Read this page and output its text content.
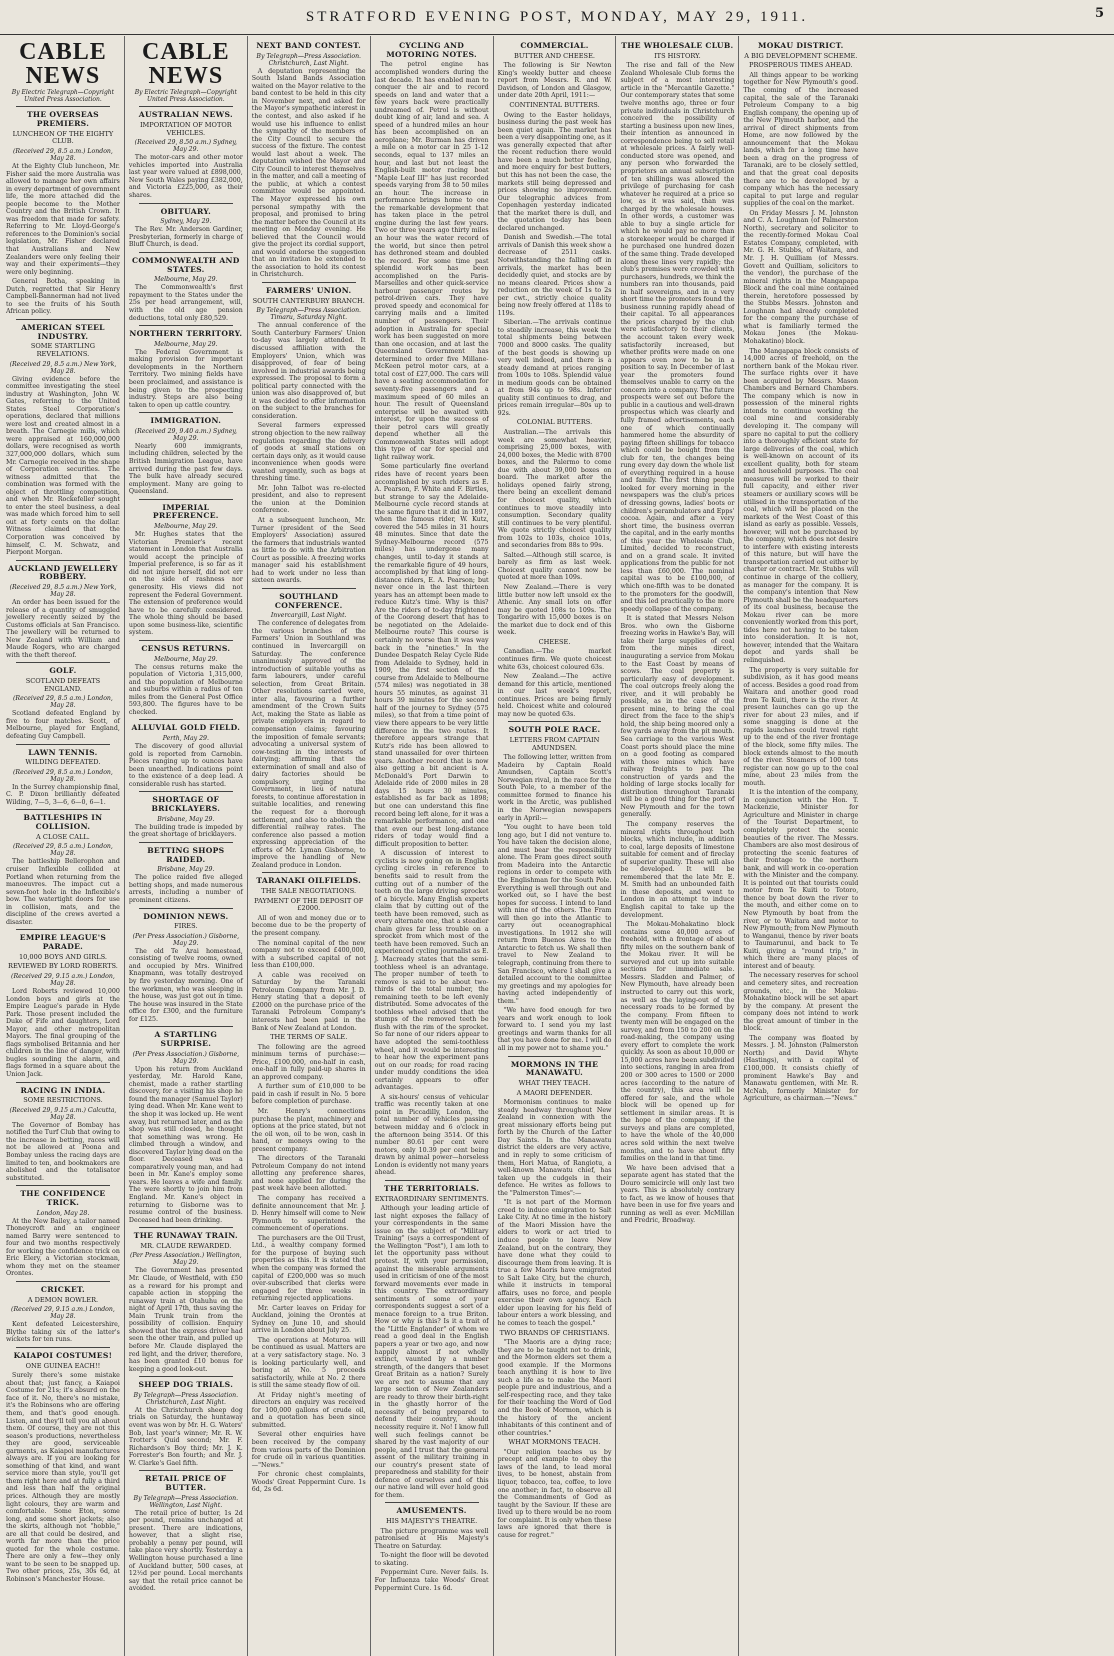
STRATFORD EVENING POST, MONDAY, MAY 29, 1911.	5
CABLE NEWS
By Electric Telegraph—Copyright United Press Association.
THE OVERSEAS PREMIERS.
LUNCHEON OF THE EIGHTY CLUB.
(Received 29, 8.5 a.m.) London, May 28.
At the Eighty Club luncheon, Mr. Fisher said the more Australia was allowed to manage her own affairs in every department of government life, the more attached did the people become to the Mother Country and the British Crown. It was freedom that made for safety. Referring to Mr. Lloyd-George's references to the Dominion's social legislation, Mr. Fisher declared that Australians and New Zealanders were only feeling their way and their experiments—they were only beginning.
General Botha, speaking in Dutch, regretted that Sir Henry Campbell-Bannerman had not lived to see the fruits of his South African policy.
AMERICAN STEEL INDUSTRY.
SOME STARTLING REVELATIONS.
(Received 29, 8.5 a.m.) New York, May 28.
Giving evidence before the committee investigating the steel industry at Washington, John W. Gates, referring to the United States Steel Corporation's operations, declared that millions were lost and created almost in a breath. The Carnegie mills, which were appraised at 160,000,000 dollars, were recognised as worth 327,000,000 dollars, which sum Mr. Carnegie received in the shape of Corporation securities. The witness admitted that the combination was formed with the object of throttling competition, and when Mr. Rockefeller sought to enter the steel business, a deal was made which forced him to sell out at forty cents on the dollar. Witness claimed that the Corporation was conceived by himself, C. M. Schwatz, and Pierpont Morgan.
AUCKLAND JEWELLERY ROBBERY.
(Received 29, 8.5 a.m.) New York, May 28.
An order has been issued for the release of a quantity of smuggled jewellery recently seized by the Customs officials at San Francisco. The jewellery will be returned to New Zealand with William and Maude Rogers, who are charged with the theft thereof.
GOLF.
SCOTLAND DEFEATS ENGLAND.
(Received 29, 8.5 a.m.) London, May 28.
Scotland defeated England by five to four matches. Scott, of Melbourne, played for England, defeating Guy Campbell.
LAWN TENNIS.
WILDING DEFEATED.
(Received 29, 8.5 a.m.) London, May 28.
In the Surrey championship final, C. P. Dixon brilliantly defeated Wilding, 7—5, 3—6, 6—0, 6—1.
BATTLESHIPS IN COLLISION.
A CLOSE CALL.
(Received 29, 8.5 a.m.) London, May 28.
The battleship Bellerophon and cruiser Inflexible collided at Portland when returning from the manoeuvres. The impact cut a seven-foot hole in the Inflexible's bow. The watertight doors for use in collision, mats, and the discipline of the crews averted a disaster.
EMPIRE LEAGUE'S PARADE.
10,000 BOYS AND GIRLS.
REVIEWED BY LORD ROBERTS.
(Received 29, 9.15 a.m.) London, May 28.
Lord Roberts reviewed 10,000 London boys and girls at the Empire League's parade in Hyde Park. Those present included the Duke of Fife and daughters, Lord Mayor, and other metropolitan Mayors. The final grouping of the flags symbolised Britannia and her children in the line of danger, with bugles sounding the alarm, and flags formed in a square about the Union Jack.
RACING IN INDIA.
SOME RESTRICTIONS.
(Received 29, 9.15 a.m.) Calcutta, May 28.
The Governor of Bombay has notified the Turf Club that owing to the increase in betting, races will not be allowed at Poona and Bombay unless the racing days are limited to ten, and bookmakers are abolished and the totalisator substituted.
THE CONFIDENCE TRICK.
London, May 28.
At the New Bailey, a tailor named Thoneycroft and an engineer named Barry were sentenced to four and two months respectively for working the confidence trick on Eric Elery, a Victorian stockman, whom they met on the steamer Orontes.
CRICKET.
A DEMON BOWLER.
(Received 29, 9.15 a.m.) London, May 28.
Kent defeated Leicestershire, Blythe taking six of the latter's wickets for ten runs.
KAIAPOI COSTUMES!
ONE GUINEA EACH!!
Surely there's some mistake about that; just fancy, a Kaiapoi Costume for 21s; it's absurd on the face of it. No, there's no mistake, it's the Robinsons who are offering them, and that's good enough. Listen, and they'll tell you all about them. Of course, they are not this season's productions, nevertheless they are good, serviceable garments, as Kaiapoi manufactures always are. If you are looking for something of that kind, and want service more than style, you'll get them right here and at fully a third and less than half the original prices. Although they are mostly light colours, they are warm and comfortable. Some Eton, some long, and some short jackets; also the skirts, although not "hobble," are all that could be desired, and worth far more than the price quoted for the whole costume. There are only a few—they only want to be seen to be snapped up. Two other prices, 25s, 30s 6d, at Robinson's Manchester House.
CABLE NEWS
By Electric Telegraph—Copyright United Press Association.
AUSTRALIAN NEWS.
IMPORTATION OF MOTOR VEHICLES.
(Received 29, 8.50 a.m.) Sydney, May 29.
The motor-cars and other motor vehicles imported into Australia last year were valued at £898,000, New South Wales paying £382,000, and Victoria £225,000, as their shares.
OBITUARY.
Sydney, May 29.
The Rev. Mr. Anderson Gardiner, Presbyterian, formerly in charge of Bluff Church, is dead.
COMMONWEALTH AND STATES.
Melbourne, May 29.
The Commonwealth's first repayment to the States under the 25s per head arrangement, will, with the old age pension deductions, total only £80,529.
NORTHERN TERRITORY.
Melbourne, May 29.
The Federal Government is making provision for important developments in the Northern Territory. Two mining fields have been proclaimed, and assistance is being given to the prospecting industry. Steps are also being taken to open up cattle country.
IMMIGRATION.
(Received 29, 9.40 a.m.) Sydney, May 29.
Nearly 600 immigrants, including children, selected by the British Immigration League, have arrived during the past few days. The bulk have already secured employment. Many are going to Queensland.
IMPERIAL PREFERENCE.
Melbourne, May 29.
Mr. Hughes states that the Victorian Premier's recent statement in London that Australia would accept the principle of Imperial preference, is so far as it did not injure herself, did not err on the side of rashness nor generosity. His views did not represent the Federal Government. The extension of preference would have to be carefully considered. The whole thing should be based upon some business-like, scientific system.
CENSUS RETURNS.
Melbourne, May 29.
The census returns make the population of Victoria 1,315,000, and the population of Melbourne and suburbs within a radius of ten miles from the General Post Office 593,800. The figures have to be checked.
ALLUVIAL GOLD FIELD.
Perth, May 29.
The discovery of good alluvial gold is reported from Carnobin. Pieces ranging up to ounces have been unearthed. Indications point to the existence of a deep lead. A considerable rush has started.
SHORTAGE OF BRICKLAYERS.
Brisbane, May 29.
The building trade is impeded by the great shortage of bricklayers.
BETTING SHOPS RAIDED.
Brisbane, May 29.
The police raided five alleged betting shops, and made numerous arrests, including a number of prominent citizens.
DOMINION NEWS.
FIRES.
(Per Press Association.) Gisborne, May 29.
The old Te Arai homestead, consisting of twelve rooms, owned and occupied by Mrs. Winifred Knapmann, was totally destroyed by fire yesterday morning. One of the workmen, who was sleeping in the house, was just got out in time. The house was insured in the State office for £300, and the furniture for £125.
A STARTLING SURPRISE.
(Per Press Association.) Gisborne, May 29.
Upon his return from Auckland yesterday, Mr. Harold Kane, chemist, made a rather startling discovery, for a visiting his shop he found the manager (Samuel Taylor) lying dead. When Mr. Kane went to the shop it was locked up. He went away, but returned later, and as the shop was still closed, he thought that something was wrong. He climbed through a window, and discovered Taylor lying dead on the floor. Deceased was a comparatively young man, and had been in Mr. Kane's employ some years. He leaves a wife and family. The were shortly to join him from England. Mr. Kane's object in returning to Gisborne was to resume control of the business. Deceased had been drinking.
THE RUNAWAY TRAIN.
MR. CLAUDE REWARDED.
(Per Press Association.) Wellington, May 29.
The Government has presented Mr. Claude, of Westfield, with £50 as a reward for his prompt and capable action in stopping the runaway train at Otahuhu on the night of April 17th, thus saving the Main Trunk train from the possibility of collision. Enquiry showed that the express driver had seen the other train, and pulled up before Mr. Claude displayed the red light, and the driver, therefore, has been granted £10 bonus for keeping a good look-out.
SHEEP DOG TRIALS.
By Telegraph—Press Association. Christchurch, Last Night.
At the Christchurch sheep dog trials on Saturday, the huntaway event was won by Mr. H. G. Waters' Bob, last year's winner; Mr. R. W. Trotter's Quid second; Mr. F. Richardson's Boy third; Mr. J. K. Forrester's Bon fourth; and Mr. J. W. Clarke's Gael fifth.
RETAIL PRICE OF BUTTER.
By Telegraph—Press Association. Wellington, Last Night.
The retail price of butter, 1s 2d per pound, remains unchanged at present. There are indications, however, that a slight rise, probably a penny per pound, will take place very shortly. Yesterday a Wellington house purchased a line of Auckland butter, 500 cases, at 12½d per pound. Local merchants say that the retail price cannot be avoided.
NEXT BAND CONTEST.
By Telegraph—Press Association. Christchurch, Last Night.
A deputation representing the South Island Bands Association waited on the Mayor relative to the band contest to be held in this city in November next, and asked for the Mayor's sympathetic interest in the contest, and also asked if he would use his influence to enlist the sympathy of the members of the City Council to secure the success of the fixture. The contest would last about a week. The deputation wished the Mayor and City Council to interest themselves in the matter, and call a meeting of the public, at which a contest committee would be appointed. The Mayor expressed his own personal sympathy with the proposal, and promised to bring the matter before the Council at its meeting on Monday evening. He believed that the Council would give the project its cordial support, and would endorse the suggestion that an invitation be extended to the association to hold its contest in Christchurch.
FARMERS' UNION.
SOUTH CANTERBURY BRANCH.
By Telegraph—Press Association. Timaru, Saturday Night.
The annual conference of the South Canterbury Farmers' Union to-day was largely attended. It discussed affiliation with the Employers' Union, which was disapproved, of fear of being involved in industrial awards being expressed. The proposal to form a political party connected with the union was also disapproved of, but it was decided to offer information on the subject to the branches for consideration.
Several farmers expressed strong objection to the new railway regulation regarding the delivery of goods at small stations on certain days only, as it would cause inconvenience when goods were wanted urgently, such as bags at threshing time.
Mr. John Talbot was re-elected president, and also to represent the union at the Dominion conference.
At a subsequent luncheon, Mr. Turner (president of the Seed Employers' Association) assured the farmers that industrials wanted as little to do with the Arbitration Court as possible. A freezing works manager said his establishment had to work under no less than sixteen awards.
SOUTHLAND CONFERENCE.
Invercargill, Last Night.
The conference of delegates from the various branches of the Farmers' Union in Southland was continued in Invercargill on Saturday. The conference unanimously approved of the introduction of suitable youths as farm labourers, under careful selection, from Great Britain. Other resolutions carried were, inter alia, favouring a further amendment of the Crown Suits Act, making the State as liable as private employers in regard to compensation claims; favouring the imposition of female servants; advocating a universal system of cow-testing in the interests of dairying; affirming that the extermination of small and also of dairy factories should be compulsory, urging the Government, in lieu of natural forests, to continue afforestation in suitable localities, and renewing the request for a thorough settlement, and also to abolish the differential railway rates. The conference also passed a motion expressing appreciation of the efforts of Mr. Lyman Gisborne, to improve the handling of New Zealand produce in London.
TARANAKI OILFIELDS.
THE SALE NEGOTIATIONS.
PAYMENT OF THE DEPOSIT OF £2000.
All of won and money due or to become due to be the property of the present company.
The nominal capital of the new company not to exceed £400,000, with a subscribed capital of not less than £100,000.
A cable was received on Saturday by the Taranaki Petroleum Company from Mr. J. D. Henry stating that a deposit of £2000 on the purchase price of the Taranaki Petroleum Company's interests had been paid in the Bank of New Zealand at London.
THE TERMS OF SALE.
The following are the agreed minimum terms of purchase:—Price, £100,000, one-half in cash, one-half in fully paid-up shares in an approved company.
A further sum of £10,000 to be paid in cash if result in No. 5 bore before completion of purchase.
Mr. Henry's connections purchase the plant, machinery and options at the price stated, but not the oil won, oil to be won, cash in hand, or moneys owing to the present company.
The directors of the Taranaki Petroleum Company do not intend allotting any preference shares, and none applied for during the past week have been allotted.
The company has received a definite announcement that Mr. J. D. Henry himself will come to New Plymouth to superintend the commencement of operations.
The purchasers are the Oil Trust, Ltd., a wealthy company formed for the purpose of buying such properties as this. It is stated that when the company was formed the capital of £200,000 was so much over-subscribed that clerks were engaged for three weeks in returning rejected applications.
Mr. Carter leaves on Friday for Auckland, joining the Orontes at Sydney on June 10, and should arrive in London about July 25.
The operations at Moturoa will be continued as usual. Matters are at a very satisfactory stage. No. 3 is looking particularly well, and boring at No. 5 proceeds satisfactorily, while at No. 2 there is still the same steady flow of oil.
At Friday night's meeting of directors an enquiry was received for 100,000 gallons of crude oil, and a quotation has been since submitted.
Several other enquiries have been received by the company from various parts of the Dominion for crude oil in various quantities.—"News."
For chronic chest complaints, Woods' Great Peppermint Cure. 1s 6d, 2s 6d.
CYCLING AND MOTORING NOTES.
The petrol engine has accomplished wonders during the last decade. It has enabled man to conquer the air and to record speeds on land and water that a few years back were practically undreamed of. Petrol is without doubt king of air, land and sea. A speed of a hundred miles an hour has been accomplished on an aeroplane; Mr. Burman has driven a mile on a motor car in 25 1-12 seconds, equal to 137 miles an hour, and last but not least the English-built motor racing boat "Maple Leaf III" has just recorded speeds varying from 38 to 50 miles an hour. The increase in performance brings home to one the remarkable development that has taken place in the petrol engine during the last few years. Two or three years ago thirty miles an hour was the water record of the world, but since then petrol has dethroned steam and doubled the record. For some time past splendid work has been accomplished on the Paris-Marseilles and other quick-service harbour passenger routes by petrol-driven cars. They have proved speedy and economical for carrying mails and a limited number of passengers. Their adoption in Australia for special work has been suggested on more than one occasion, and at last the Queensland Government has determined to order five Millane-McKeen petrol motor cars, at a total cost of £27,000. The cars will have a seating accommodation for seventy-five passengers and a maximum speed of 60 miles an hour. The result of Queensland enterprise will be awaited with interest, for upon the success of their petrol cars will greatly depend whether all the Commonwealth States will adopt this type of car for special and light railway work.
Some particularly fine overland rides have of recent years been accomplished by such riders as E. A. Pearson, F. White and F. Birtles, but strange to say the Adelaide-Melbourne cycle record stands at the same figure that it did in 1897, when the famous rider, W. Kutz, covered the 545 miles in 31 hours 48 minutes. Since that date the Sydney-Melbourne record (575 miles) has undergone many changes, until to-day it stands at the remarkable figure of 49 hours, accomplished by that king of long-distance riders, E. A. Pearson; but never once in the last thirteen years has an attempt been made to reduce Kutz's time. Why is this? Are the riders of to-day frightened of the Coorong desert that has to be negotiated on the Adelaide-Melbourne route? This course is certainly no worse than it was way back in the "nineties." In the Dundee Despatch Relay Cycle Ride from Adelaide to Sydney, held in 1909, the first section of the course from Adelaide to Melbourne (574 miles) was negotiated in 38 hours 55 minutes, as against 31 hours 39 minutes for the second half of the journey to Sydney (575 miles), so that from a time point of view there appears to be very little difference in the two routes. It therefore appears strange that Kutz's ride has been allowed to stand unassailed for over thirteen years. Another record that is now also getting a bit ancient is A. McDonald's Port Darwin to Adelaide ride of 2000 miles in 28 days 15 hours 30 minutes, established as far back as 1898; but one can understand this fine record being left alone, for it was a remarkable performance, and one that even our best long-distance riders of today would find a difficult proposition to better.
A discussion of interest to cyclists is now going on in English cycling circles in reference to benefits said to result from the cutting out of a number of the teeth on the large driving sprocket of a bicycle. Many English experts claim that by cutting out of the teeth have been removed, such as every alternate one, that a steadier chain gives far less trouble on a sprocket from which most of the teeth have been removed. Such an experienced cycling journalist as E. J. Macready states that the semi-toothless wheel is an advantage. The proper number of teeth to remove is said to be about two-thirds of the total number, the remaining teeth to be left evenly distributed. Some advocates of the toothless wheel advised that the stumps of the removed teeth be flush with the rim of the sprocket. So far none of our riders appear to have adopted the semi-toothless wheel, and it would be interesting to hear how the experiment pans out on our roads; for road racing under muddy conditions the idea certainly appears to offer advantages.
A six-hours' census of vehicular traffic was recently taken at one point in Piccadilly, London, the total number of vehicles passing between midday and 6 o'clock in the afternoon being 3514. Of this number 80.61 per cent were motors, only 10.39 per cent being drawn by animal power—horseless London is evidently not many years ahead.
THE TERRITORIALS.
EXTRAORDINARY SENTIMENTS.
Although your leading article of last night exposes the fallacy of your correspondents in the same issue on the subject of "Military Training" (says a correspondent of the Wellington "Post"), I am loth to let the opportunity pass without protest. If, with your permission, against the miserable arguments used in criticism of one of the most forward movements ever made in this country. The extraordinary sentiments of some of your correspondents suggest a sort of a menace foreign to a true Briton. How or why is this? Is it a trait of the "Little Englander" of whom we read a good deal in the English papers a year or two ago, and now happily almost if not wholly extinct, vaunted by a number strength, of the dangers that beset Great Britain as a nation? Surely we are not to assume that any large section of New Zealanders are ready to throw their birth-right in the ghastly horror of the necessity of being prepared to defend their country, should necessity require it. No! I know full well such feelings cannot be shared by the vast majority of our people, and I trust that the general assent of the military training in our country's present state of preparedness and stability for their defence of ourselves and of this our native land will ever hold good for them.
AMUSEMENTS.
HIS MAJESTY'S THEATRE.
The picture programme was well patronised at His Majesty's Theatre on Saturday.
To-night the floor will be devoted to skating.
Peppermint Cure. Never fails. Is. For Influenza take Woods' Great Peppermint Cure. 1s 6d.
COMMERCIAL.
BUTTER AND CHEESE.
The following is Sir Newton King's weekly butter and cheese report from Messrs. R. and W. Davidson, of London and Glasgow, under date 20th April, 1911:—
CONTINENTAL BUTTERS.
Owing to the Easter holidays, business during the past week has been quiet again. The market has been a very disappointing one, as it was generally expected that after the recent reduction there would have been a much better feeling, and more enquiry for best butters, but this has not been the case, the markets still being depressed and prices showing no improvement. Our telegraphic advices from Copenhagen yesterday indicated that the market there is dull, and the quotation to-day has been declared unchanged.
Danish and Swedish.—The total arrivals of Danish this week show a decrease of 2511 casks. Notwithstanding the falling off in arrivals, the market has been decidedly quiet, and stocks are by no means cleared. Prices show a reduction on the week of 1s to 2s per cwt., strictly choice quality being now freely offered at 118s to 119s.
Siberian.—The arrivals continue to steadily increase, this week the total shipments being between 7000 and 8000 casks. The quality of the best goods is showing up very well indeed, and there is a steady demand at prices ranging from 100s to 108s. Splendid value in medium goods can be obtained at from 94s up to 98s. Inferior quality still continues to drag, and prices remain irregular—80s up to 92s.
COLONIAL BUTTERS.
Australian.—The arrivals this week are somewhat heavier, comprising 25,000 boxes, with 24,000 boxes, the Medic with 8700 boxes, and the Palermo to come due with about 39,000 boxes on board. The market after the holidays opened fairly strong, there being an excellent demand for choicest quality, which continues to move steadily into consumption. Secondary quality still continues to be very plentiful. We quote strictly choicest quality from 102s to 103s, choice 101s, and secondaries from 88s to 99s.
Salted.—Although still scarce, is barely as firm as last week. Choicest quality cannot now be quoted at more than 109s.
New Zealand.—There is very little butter now left unsold ex the Athenic. Any small lots on offer may be quoted 108s to 109s. The Tongariro with 15,000 boxes is on the market due to dock end of this week.
CHEESE.
Canadian.—The market continues firm. We quote choicest white 63s, choicest coloured 63s.
New Zealand.—The active demand for this article, mentioned in our last week's report, continues. Prices are being firmly held. Choicest white and coloured may now be quoted 63s.
SOUTH POLE RACE.
LETTERS FROM CAPTAIN AMUNDSEN.
The following letter, written from Madeira by Captain Roald Amundsen, Captain Scott's Norwegian rival, in the race for the South Pole, to a member of the committee formed to finance his work in the Arctic, was published in the Norwegian newspapers early in April:—
"You ought to have been told long ago, but I did not venture to. You have taken the decision alone, and must bear the responsibility alone. The Fram goes direct south from Madeira into the Antarctic regions in order to compete with the Englishman for the South Pole. Everything is well through out and worked out, so I have the best hopes for success. I intend to land with nine of the others. The Fram will then go into the Atlantic to carry out oceanographical investigations. In 1912 she will return from Buenos Aires to the Antarctic to fetch us. We shall then travel to New Zealand to telegraph, continuing from there to San Francisco, where I shall give a detailed account to the committee my greetings and my apologies for having acted independently of them."
"We have food enough for two years and work enough to look forward to. I send you my last greetings and warm thanks for all that you have done for me. I will do all in my power not to shame you."
MORMONS IN THE MANAWATU.
WHAT THEY TEACH.
A MAORI DEFENDER.
Mormonism continues to make steady headway throughout New Zealand in connexion with the great missionary efforts being put forth by the Church of the Latter Day Saints. In the Manawatu district the elders are very active, and in reply to some criticism of them, Hori Matua, of Rangiotu, a well-known Manawatu chief, has taken up the cudgels in their defence. He writes as follows to the "Palmerston Times":—
"It is not part of the Mormon creed to induce emigration to Salt Lake City. At no time in the history of the Maori Mission have the elders to work or act tried to induce people to leave New Zealand, but on the contrary, they have done what they could to discourage them from leaving. It is true a few Maoris have emigrated to Salt Lake City, but the church, while it instructs in temporal affairs, uses no force, and people exercise their own agency. Each elder upon leaving for his field of labour enters a work blessing, and he comes to teach the gospel."
TWO BRANDS OF CHRISTIANS.
"The Maoris are a dying race; they are to be taught not to drink, and the Mormon elders set them a good example. If the Mormons teach anything it is how to live such a life as to make the Maori people pure and industrious, and a self-respecting race, and they take for their teaching the Word of God and the Book of Mormon, which is the history of the ancient inhabitants of this continent and of other countries."
WHAT MORMONS TEACH.
"Our religion teaches us by precept and example to obey the laws of the land, to lead moral lives, to be honest, abstain from liquor, tobacco, tea, coffee, to love one another; in fact, to observe all the Commandments of God as taught by the Saviour. If these are lived up to there would be no room for complaint. It is only when these laws are ignored that there is cause for regret."
THE WHOLESALE CLUB.
ITS HISTORY.
The rise and fall of the New Zealand Wholesale Club forms the subject of a most interesting article in the "Mercantile Gazette." Our contemporary states that some twelve months ago, three or four private individuals in Christchurch conceived the possibility of starting a business upon new lines, their intention as announced in correspondence being to sell retail at wholesale prices. A fairly well-conducted store was opened, and any person who forwarded the proprietors an annual subscription of ten shillings was allowed the privilege of purchasing for cash whatever he required at a price so low, as it was said, than was charged by the wholesale houses. In other words, a customer was able to buy a single article for which he would pay no more than a storekeeper would be charged if he purchased one hundred dozen of the same thing. Trade developed along these lines very rapidly; the club's premises were crowded with purchasers, hundreds, we think the numbers ran into thousands, paid in half sovereigns, and in a very short time the promoters found the business running rapidly ahead of their capital. To all appearances the prices charged by the club were satisfactory to their clients, the account taken every week satisfactorily increased, but whether profits were made on one appears even now to be in a position to say. In December of last year the promoters found themselves unable to carry on the concern into a company. The future prospects were set out before the public in a cautious and well-drawn prospectus which was clearly and fully framed advertisements, each one of which continually hammered home the absurdity of paying fifteen shillings for tobacco which could be bought from the club for ten, the changes being rung every day down the whole list of everything required in a house and family. The first thing people looked for every morning in the newspapers was the club's prices of dressing gowns, ladies' boots or children's perambulators and Epps' cocoa. Again, and after a very short time, the business overran the capital, and in the early months of this year the Wholesale Club, Limited, decided to reconstruct, and on a grand scale. It invited applications from the public for not less than £60,000. The nominal capital was to be £100,000, of which one-fifth was to be donated to the promoters for the goodwill, and this led practically to the more speedy collapse of the company.
It is stated that Messrs Nelson Bros. who own the Gisborne freezing works in Hawke's Bay, will take their large supplies of coal from the mines direct, inaugurating a service from Mokau to the East Coast by means of scows. The coal property is particularly easy of development. The coal outcrops freely along the river, and it will probably be possible, as in the case of the present mine, to bring the coal direct from the face to the ship's hold, the ship being moored only a few yards away from the pit mouth. Sea carriage to the various West Coast ports should place the mine on a good footing as compared with those mines which have railway freights to pay. The construction of yards and the holding of large stocks locally for distribution throughout Taranaki will be a good thing for the port of New Plymouth and for the town generally.
The company reserves the mineral rights throughout both blocks, which include, in addition to coal, large deposits of limestone suitable for cement and of fireclay of superior quality. These will also be developed. It will be remembered that the late Mr. E. M. Smith had an unbounded faith in these deposits, and went to London in an attempt to induce English capital to take up the development.
The Mokau-Mohakatino block contains some 40,000 acres of freehold, with a frontage of about fifty miles on the southern bank of the Mokau river. It will be surveyed and cut up into suitable sections for immediate sale. Messrs. Sladden and Palmer, of New Plymouth, have already been instructed to carry out this work, as well as the laying-out of the necessary roads to be formed by the company. From fifteen to twenty men will be engaged on the survey, and from 150 to 200 on the road-making, the company using every effort to complete the work quickly. As soon as about 10,000 or 15,000 acres have been subdivided into sections, ranging in area from 200 or 300 acres to 1500 or 2000 acres (according to the nature of the country), this area will be offered for sale, and the whole block will be opened up for settlement in similar areas. It is the hope of the company, if the surveys and plans are completed, to have the whole of the 40,000 acres sold within the next twelve months, and to have about fifty families on the land in that time.
We have been advised that a separate agent has stated that the Douro semicircle will only last two years. This is absolutely contrary to fact, as we know of houses that have been in use for five years and running as well as ever. McMillan and Fredric, Broadway.
MOKAU DISTRICT.
A BIG DEVELOPMENT SCHEME.
PROSPEROUS TIMES AHEAD.
All things appear to be working together for New Plymouth's good. The coming of the increased capital, the sale of the Taranaki Petroleum Company to a big English company, the opening up of the New Plymouth harbor, and the arrival of direct shipments from Home, are now followed by the announcement that the Mokau lands, which for a long time have been a drag on the progress of Taranaki, are to be closely settled, and that the great coal deposits there are to be developed by a company which has the necessary capital to put large and regular supplies of the coal on the market.
On Friday Messrs J. M. Johnston and C. A. Loughnan (of Palmerston North), secretary and solicitor to the recently-formed Mokau Coal Estates Company, completed, with Mr. G. H. Stubbs, of Waitara, and Mr. J. H. Quilliam (of Messrs. Govett and Quilliam, solicitors to the vendor), the purchase of the mineral rights in the Mangapapa Block and the coal mine contained therein, heretofore possessed by the Stubbs Messrs. Johnston and Loughnan had already completed for the company the purchase of what is familiarly termed the Mokau Jones (the Mokau-Mohakatino) block.
The Mangapapa block consists of 14,000 acres of freehold, on the northern bank of the Mokau river. The surface rights over it have been acquired by Messrs. Mason Chambers and Bernard Chambers. The company which is now in possession of the mineral rights intends to continue working the coal mine and considerably developing it. The company will spare no capital to put the colliery into a thoroughly efficient state for large deliveries of the coal, which is well-known on account of its excellent quality, both for steam and household purposes. The coal measures will be worked to their full capacity, and either river steamers or auxiliary scows will be utilised in the transportation of the coal, which will be placed on the markets of the West Coast of this island as early as possible. Vessels, however, will not be purchased by the company, which does not desire to interfere with existing interests of this nature, but will have the transportation carried out either by charter or contract. Mr. Stubbs will continue in charge of the colliery, as manager for the company. It is the company's intention that New Plymouth shall be the headquarters of its coal business, because the Mokau river can be more conveniently worked from this port, tides here not having to be taken into consideration. It is not, however, intended that the Waitara depot and yards shall be relinquished.
The property is very suitable for subdivision, as it has good means of access. Besides a good road from Waitara and another good road from Te Kuiti, there is the river. At present launches can go up the river for about 23 miles, and if some snagging is done at the rapids launches could travel right up to the end of the river frontage of the block, some fifty miles. The block extends almost to the mouth of the river. Steamers of 100 tons register can now go up to the coal mine, about 23 miles from the mouth.
It is the intention of the company, in conjunction with the Hon. T. Mackenzie, Minister for Agriculture and Minister in charge of the Tourist Department, to completely protect the scenic beauties of the river. The Messrs. Chambers are also most desirous of protecting the scenic features of their frontage to the northern bank, and will work in co-operation with the Minister and the company. It is pointed out that tourists could motor from Te Kuiti to Totoro, thence by boat down the river to the mouth, and either come on to New Plymouth by boat from the river, or to Waitara and motor to New Plymouth; from New Plymouth to Wanganui, thence by river boats to Taumarunui, and back to Te Kuiti, giving a "round trip," in which there are many places of interest and of beauty.
The necessary reserves for school and cemetery sites, and recreation grounds, etc., in the Mokau-Mohakatino block will be set apart by the company. At present the company does not intend to work the great amount of timber in the block.
The company was floated by Messrs. J. M. Johnston (Palmerston North) and David Whyte (Hastings), with a capital of £100,000. It consists chiefly of prominent Hawke's Bay and Manawatu gentlemen, with Mr. R. McNab, formerly Minister for Agriculture, as chairman.—"News."
